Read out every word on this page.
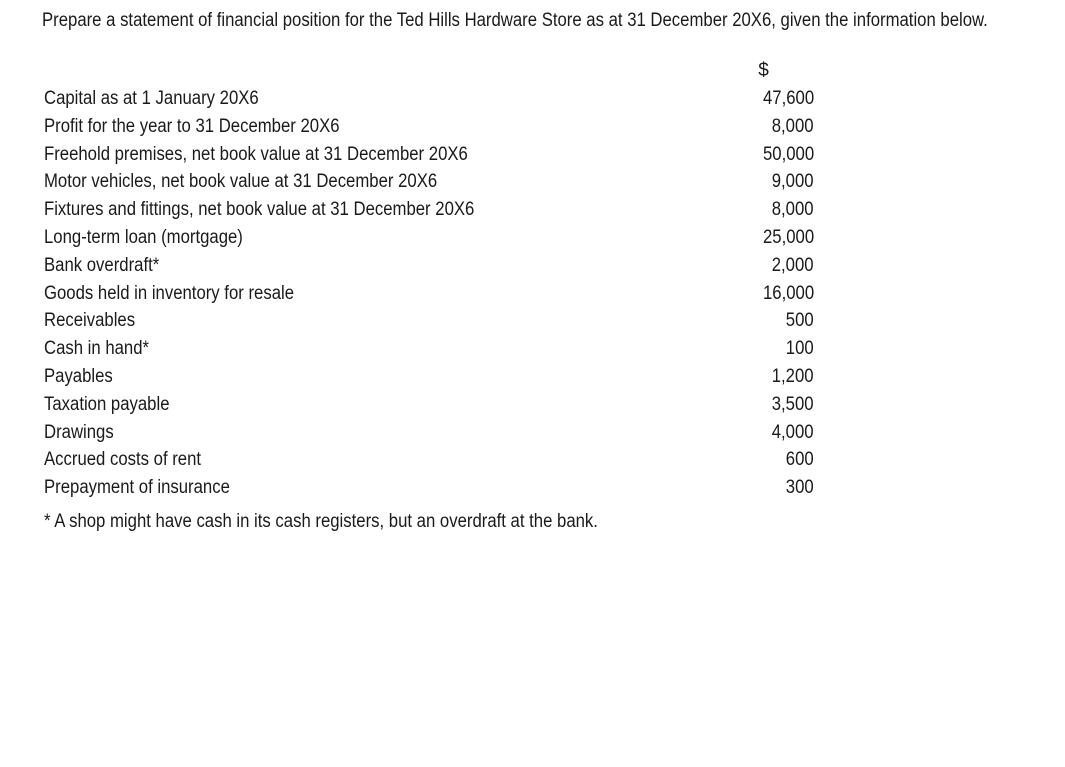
Prepare a statement of financial position for the Ted Hills Hardware Store as at 31 December 20X6, given the information below.

$
Capital as at 1 January 20X6	47,600
Profit for the year to 31 December 20X6	8,000
Freehold premises, net book value at 31 December 20X6	50,000
Motor vehicles, net book value at 31 December 20X6	9,000
Fixtures and fittings, net book value at 31 December 20X6	8,000
Long-term loan (mortgage)	25,000
Bank overdraft*	2,000
Goods held in inventory for resale	16,000
Receivables	500
Cash in hand*	100
Payables	1,200
Taxation payable	3,500
Drawings	4,000
Accrued costs of rent	600
Prepayment of insurance	300
* A shop might have cash in its cash registers, but an overdraft at the bank.
